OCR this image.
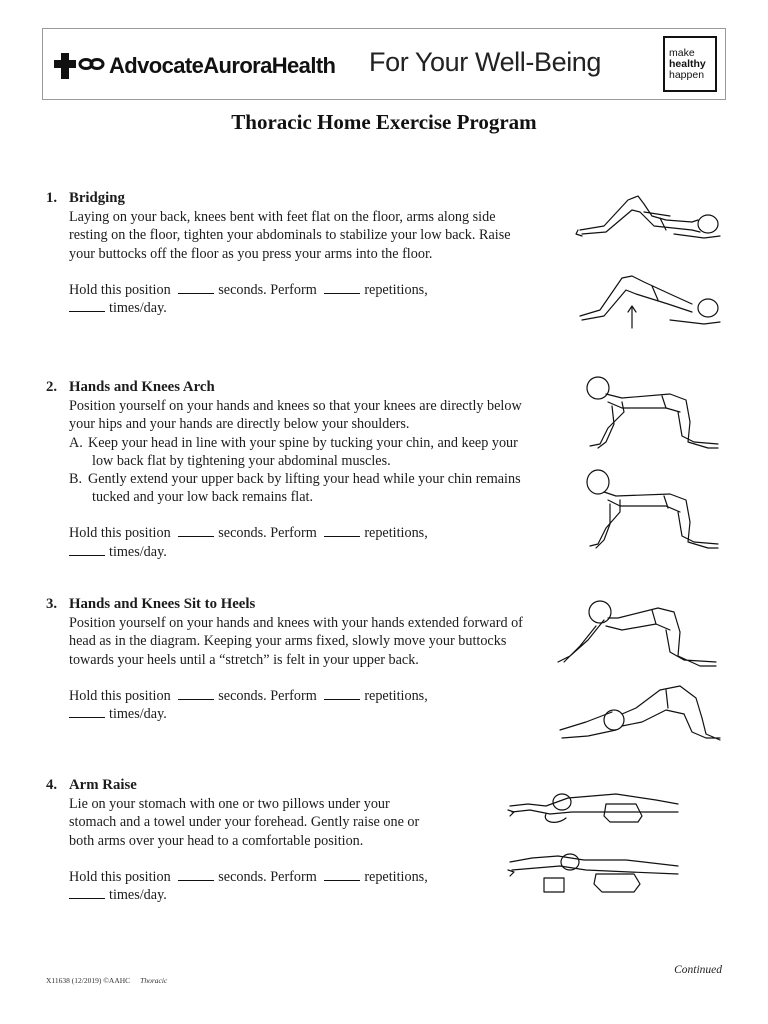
AdvocateAuroraHealth For Your Well-Being	make
healthy
happen
Thoracic Home Exercise Program
1. Bridging

Laying on your back, knees bent with feet flat on the floor, arms along side resting on the floor, tighten your abdominals to stabilize your low back. Raise your buttocks off the floor as you press your arms into the floor.

Hold this position	seconds. Perform	repetitions,
times/day.
2. Hands and Knees Arch

Position yourself on your hands and knees so that your knees are directly below your hips and your hands are directly below your shoulders.

A. Keep your head in line with your spine by tucking your chin, and keep your low back flat by tightening your abdominal muscles.
B. Gently extend your upper back by lifting your head while your chin remains tucked and your low back remains flat.
Hold this position	seconds. Perform	repetitions,
times/day.
3. Hands and Knees Sit to Heels

Position yourself on your hands and knees with your hands extended forward of head as in the diagram. Keeping your arms fixed, slowly move your buttocks towards your heels until a “stretch” is felt in your upper back.

Hold this position	seconds. Perform	repetitions,
times/day.
4. Arm Raise

Lie on your stomach with one or two pillows under your stomach and a towel under your forehead. Gently raise one or both arms over your head to a comfortable position.

Hold this position	seconds. Perform	repetitions,
times/day.
X11638 (12/2019) ©AAHC Thoracic
Continued
